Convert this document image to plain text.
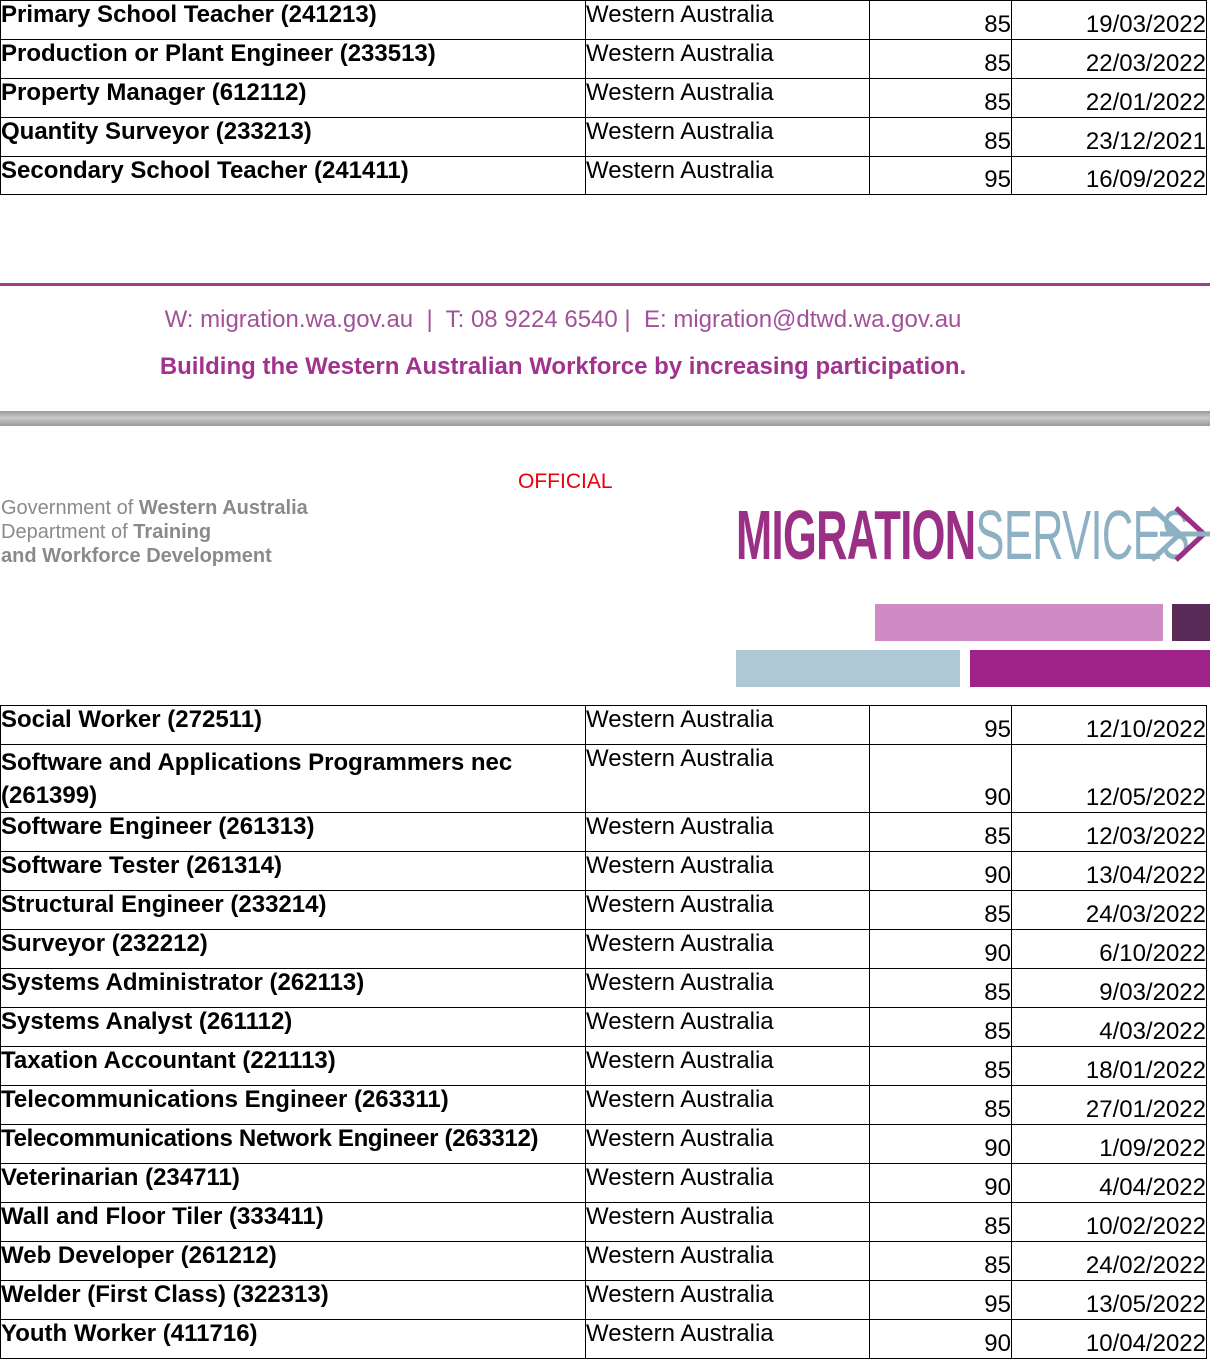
Primary School Teacher (241213)	Western Australia	85	19/03/2022
Production or Plant Engineer (233513)	Western Australia	85	22/03/2022
Property Manager (612112)	Western Australia	85	22/01/2022
Quantity Surveyor (233213)	Western Australia	85	23/12/2021
Secondary School Teacher (241411)	Western Australia	95	16/09/2022
W: migration.wa.gov.au  |  T: 08 9224 6540 |  E: migration@dtwd.wa.gov.au
Building the Western Australian Workforce by increasing participation.
OFFICIAL
Government of Western Australia
Department of Training
and Workforce Development	MIGRATIONSERVICES
Social Worker (272511)	Western Australia	95	12/10/2022
Software and Applications Programmers nec (261399)	Western Australia	90	12/05/2022
Software Engineer (261313)	Western Australia	85	12/03/2022
Software Tester (261314)	Western Australia	90	13/04/2022
Structural Engineer (233214)	Western Australia	85	24/03/2022
Surveyor (232212)	Western Australia	90	6/10/2022
Systems Administrator (262113)	Western Australia	85	9/03/2022
Systems Analyst (261112)	Western Australia	85	4/03/2022
Taxation Accountant (221113)	Western Australia	85	18/01/2022
Telecommunications Engineer (263311)	Western Australia	85	27/01/2022
Telecommunications Network Engineer (263312)	Western Australia	90	1/09/2022
Veterinarian (234711)	Western Australia	90	4/04/2022
Wall and Floor Tiler (333411)	Western Australia	85	10/02/2022
Web Developer (261212)	Western Australia	85	24/02/2022
Welder (First Class) (322313)	Western Australia	95	13/05/2022
Youth Worker (411716)	Western Australia	90	10/04/2022
